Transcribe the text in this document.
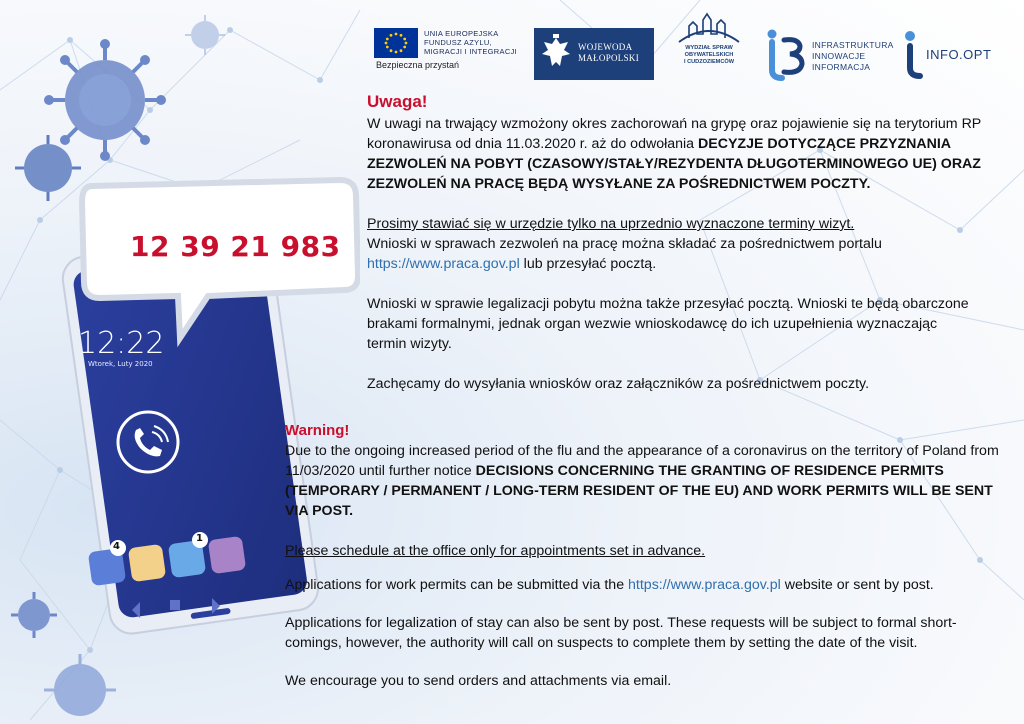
UNIA EUROPEJSKA
FUNDUSZ AZYLU,
MIGRACJI I INTEGRACJI
Bezpieczna przystań
WOJEWODA
MAŁOPOLSKI
WYDZIAŁ SPRAW
OBYWATELSKICH
I CUDZOZIEMCÓW
INFRASTRUKTURA
INNOWACJE
INFORMACJA
INFO.OPT
12 39 21 983
12:22
Wtorek, Luty 2020
4
1
Uwaga!

W uwagi na trwający wzmożony okres zachorowań na grypę oraz pojawienie się na terytorium RP koronawirusa od dnia 11.03.2020 r. aż do odwołania DECYZJE DOTYCZĄCE PRZYZNANIA ZEZWOLEŃ NA POBYT (CZASOWY/STAŁY/REZYDENTA DŁUGOTERMINOWEGO UE) ORAZ ZEZWOLEŃ NA PRACĘ BĘDĄ WYSYŁANE ZA POŚREDNICTWEM POCZTY.

Prosimy stawiać się w urzędzie tylko na uprzednio wyznaczone terminy wizyt.
Wnioski w sprawach zezwoleń na pracę można składać za pośrednictwem portalu https://www.praca.gov.pl lub przesyłać pocztą.

Wnioski w sprawie legalizacji pobytu można także przesyłać pocztą. Wnioski te będą obarczone brakami formalnymi, jednak organ wezwie wnioskodawcę do ich uzupełnienia wyznaczając termin wizyty.

Zachęcamy do wysyłania wniosków oraz załączników za pośrednictwem poczty.

Warning!

Due to the ongoing increased period of the flu and the appearance of a coronavirus on the territory of Poland from 11/03/2020 until further notice DECISIONS CONCERNING THE GRANTING OF RESIDENCE PERMITS (TEMPORARY / PERMANENT / LONG-TERM RESIDENT OF THE EU) AND WORK PERMITS WILL BE SENT VIA POST.

Please schedule at the office only for appointments set in advance.

Applications for work permits can be submitted via the https://www.praca.gov.pl website or sent by post.

Applications for legalization of stay can also be sent by post. These requests will be subject to formal short-comings, however, the authority will call on suspects to complete them by setting the date of the visit.

We encourage you to send orders and attachments via email.
